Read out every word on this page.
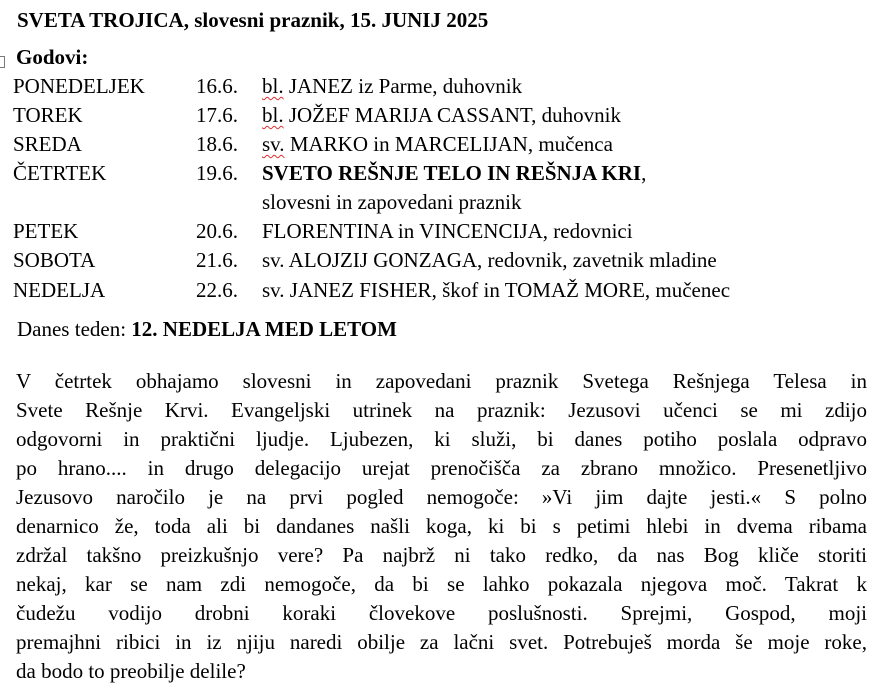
SVETA TROJICA, slovesni praznik, 15. JUNIJ 2025
Godovi:
PONEDELJEK 16.6. bl. JANEZ iz Parme, duhovnik
TOREK	17.6. bl. JOŽEF MARIJA CASSANT, duhovnik
SREDA	18.6. sv. MARKO in MARCELIJAN, mučenca
ČETRTEK	19.6. SVETO REŠNJE TELO IN REŠNJA KRI,
slovesni in zapovedani praznik
PETEK	20.6. FLORENTINA in VINCENCIJA, redovnici
SOBOTA	21.6. sv. ALOJZIJ GONZAGA, redovnik, zavetnik mladine
NEDELJA	22.6. sv. JANEZ FISHER, škof in TOMAŽ MORE, mučenec
Danes teden: 12. NEDELJA MED LETOM
V četrtek obhajamo slovesni in zapovedani praznik Svetega Rešnjega Telesa in
Svete Rešnje Krvi. Evangeljski utrinek na praznik: Jezusovi učenci se mi zdijo
odgovorni in praktični ljudje. Ljubezen, ki služi, bi danes potiho poslala odpravo
po hrano.... in drugo delegacijo urejat prenočišča za zbrano množico. Presenetljivo
Jezusovo naročilo je na prvi pogled nemogoče: »Vi jim dajte jesti.« S polno
denarnico že, toda ali bi dandanes našli koga, ki bi s petimi hlebi in dvema ribama
zdržal takšno preizkušnjo vere? Pa najbrž ni tako redko, da nas Bog kliče storiti
nekaj, kar se nam zdi nemogoče, da bi se lahko pokazala njegova moč. Takrat k
čudežu vodijo drobni koraki človekove poslušnosti. Sprejmi, Gospod, moji
premajhni ribici in iz njiju naredi obilje za lačni svet. Potrebuješ morda še moje roke,
da bodo to preobilje delile?
